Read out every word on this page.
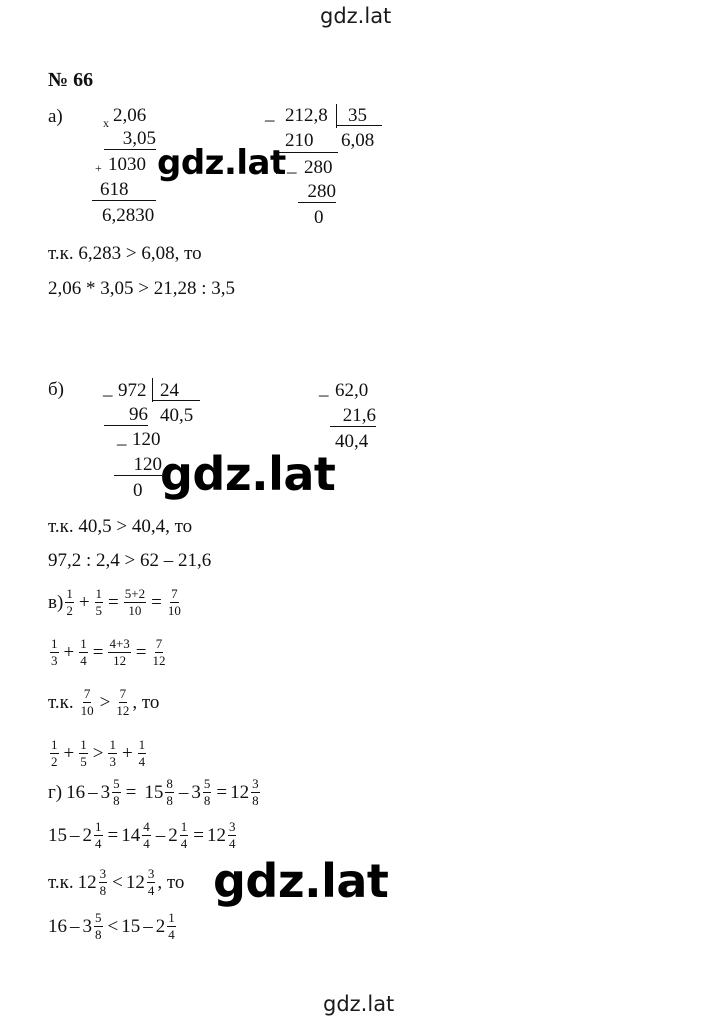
gdz.lat
gdz.lat
№ 66
а)	x 2,06
3,05
+ 1030
618
6,2830
_ 212,8 35
6,08
210
_ 280
280
0
gdz.lat
т.к. 6,283 > 6,08, то
2,06 * 3,05 > 21,28 : 3,5
б) _ 972 24
96 40,5
_ 120
120
0
_ 62,0
21,6
40,4
gdz.lat
т.к. 40,5 > 40,4, то
97,2 : 2,4 > 62 – 21,6
$в) \frac{1}{2} + \frac{1}{5} = \frac{5+2}{10} = \frac{7}{10}$
$\frac{1}{3} + \frac{1}{4} = \frac{4+3}{12} = \frac{7}{12}$
т.к. $\frac{7}{10} > \frac{7}{12}$ , то
$\frac{1}{2} + \frac{1}{5} > \frac{1}{3} + \frac{1}{4}$
г) $16 - 3 \frac{5}{8} = 15 \frac{8}{8} - 3 \frac{5}{8} = 12 \frac{3}{8}$
$15 - 2 \frac{1}{4} = 14 \frac{4}{4} - 2 \frac{1}{4} = 12 \frac{3}{4}$
т.к. $12 \frac{3}{8} < 12 \frac{3}{4}$ , то
$16 - 3 \frac{5}{8} < 15 - 2 \frac{1}{4}$
gdz.lat
